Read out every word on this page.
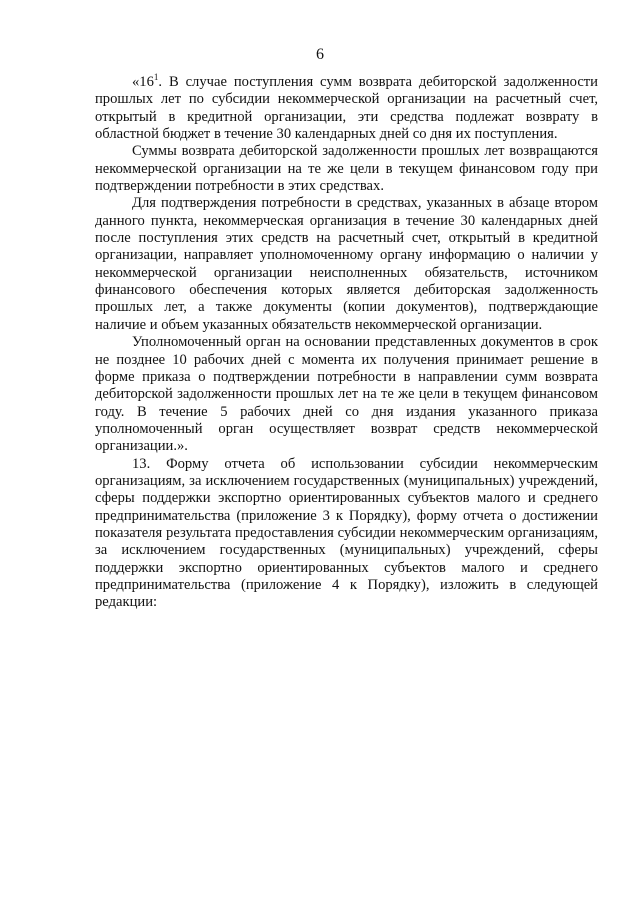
6

«$16^1$. В случае поступления сумм возврата дебиторской задолженности прошлых лет по субсидии некоммерческой организации на расчетный счет, открытый в кредитной организации, эти средства подлежат возврату в областной бюджет в течение 30 календарных дней со дня их поступления.

Суммы возврата дебиторской задолженности прошлых лет возвращаются некоммерческой организации на те же цели в текущем финансовом году при подтверждении потребности в этих средствах.

Для подтверждения потребности в средствах, указанных в абзаце втором данного пункта, некоммерческая организация в течение 30 календарных дней после поступления этих средств на расчетный счет, открытый в кредитной организации, направляет уполномоченному органу информацию о наличии у некоммерческой организации неисполненных обязательств, источником финансового обеспечения которых является дебиторская задолженность прошлых лет, а также документы (копии документов), подтверждающие наличие и объем указанных обязательств некоммерческой организации.

Уполномоченный орган на основании представленных документов в срок не позднее 10 рабочих дней с момента их получения принимает решение в форме приказа о подтверждении потребности в направлении сумм возврата дебиторской задолженности прошлых лет на те же цели в текущем финансовом году. В течение 5 рабочих дней со дня издания указанного приказа уполномоченный орган осуществляет возврат средств некоммерческой организации.».

13. Форму отчета об использовании субсидии некоммерческим организациям, за исключением государственных (муниципальных) учреждений, сферы поддержки экспортно ориентированных субъектов малого и среднего предпринимательства (приложение 3 к Порядку), форму отчета о достижении показателя результата предоставления субсидии некоммерческим организациям, за исключением государственных (муниципальных) учреждений, сферы поддержки экспортно ориентированных субъектов малого и среднего предпринимательства (приложение 4 к Порядку), изложить в следующей редакции:
